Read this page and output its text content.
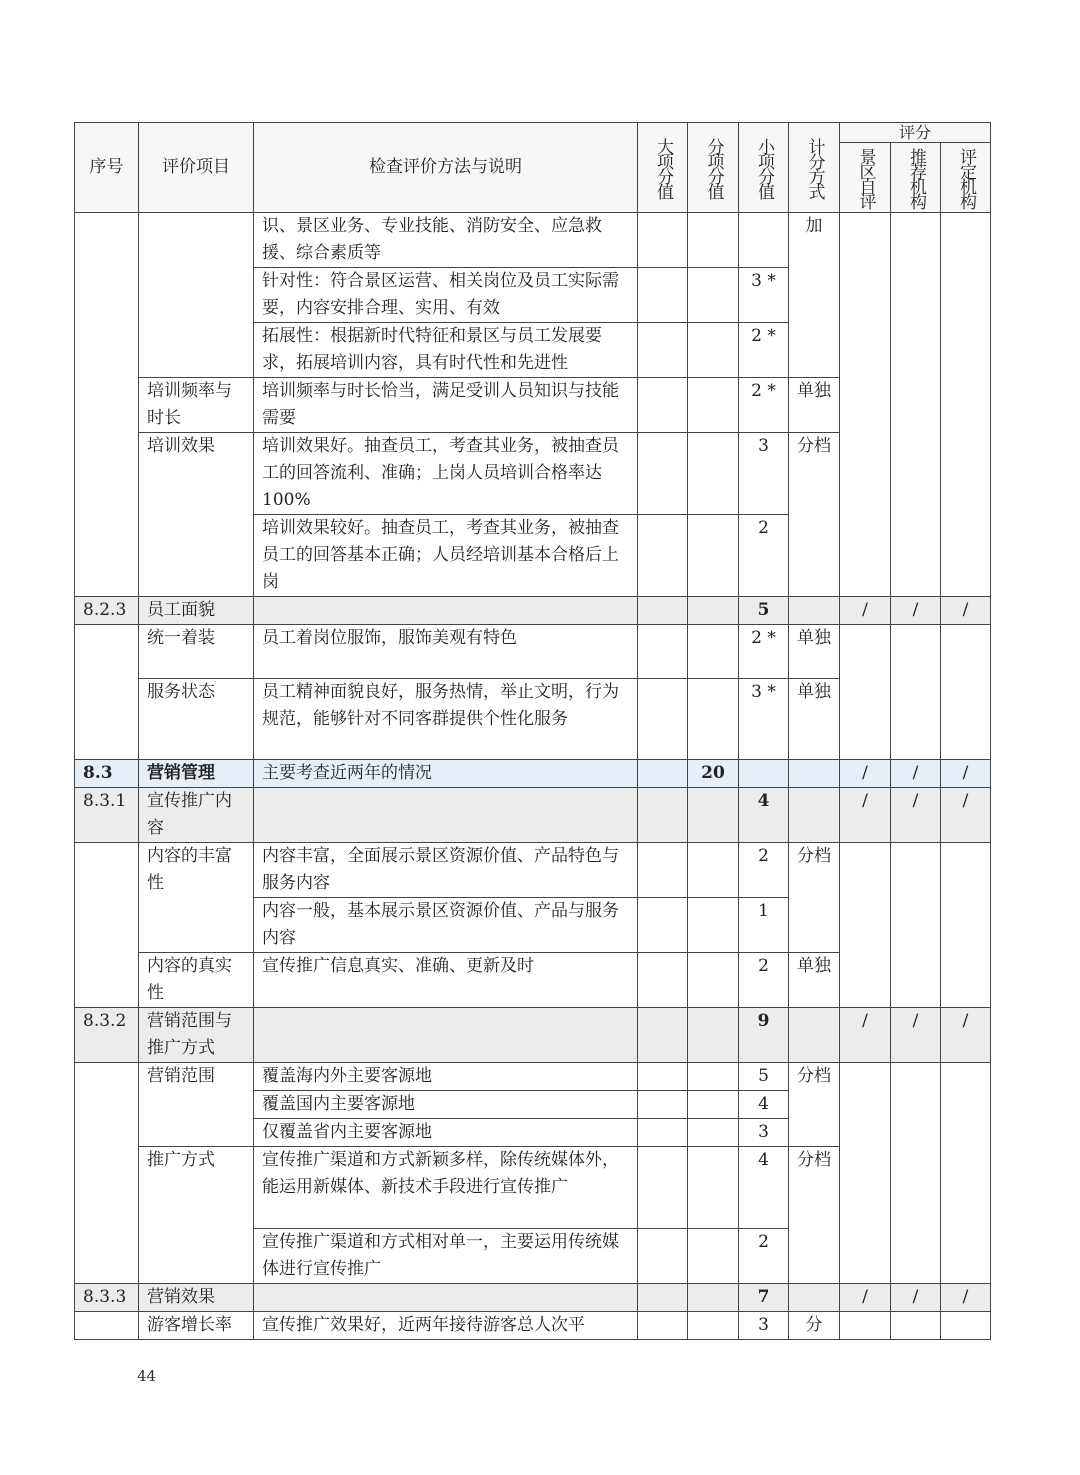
序号	评价项目	检查评价方法与说明	大项分值	分项分值	小项分值	计分方式	评分		

							景区自评	推荐机构	评定机构

		识、景区业务、专业技能、消防安全、应急救援、综合素质等				加			
		针对性：符合景区运营、相关岗位及员工实际需要，内容安排合理、实用、有效			3 *				
		拓展性：根据新时代特征和景区与员工发展要求，拓展培训内容，具有时代性和先进性			2 *				
	培训频率与时长	培训频率与时长恰当，满足受训人员知识与技能需要			2 *	单独			
	培训效果	培训效果好。抽查员工，考查其业务，被抽查员工的回答流利、准确；上岗人员培训合格率达 100%			3	分档			
		培训效果较好。抽查员工，考查其业务，被抽查员工的回答基本正确；人员经培训基本合格后上岗			2				
8.2.3	员工面貌				5		/	/	/
	统一着装	员工着岗位服饰，服饰美观有特色			2 *	单独			
	服务状态	员工精神面貌良好，服务热情，举止文明，行为规范，能够针对不同客群提供个性化服务			3 *	单独			
8.3	营销管理	主要考查近两年的情况		20			/	/	/
8.3.1	宣传推广内容				4		/	/	/
	内容的丰富性	内容丰富，全面展示景区资源价值、产品特色与服务内容			2	分档			
		内容一般，基本展示景区资源价值、产品与服务内容			1				
	内容的真实性	宣传推广信息真实、准确、更新及时			2	单独			
8.3.2	营销范围与推广方式				9		/	/	/
	营销范围	覆盖海内外主要客源地			5	分档			
		覆盖国内主要客源地			4				
		仅覆盖省内主要客源地			3				
	推广方式	宣传推广渠道和方式新颖多样，除传统媒体外，能运用新媒体、新技术手段进行宣传推广			4	分档			
		宣传推广渠道和方式相对单一，主要运用传统媒体进行宣传推广			2				
8.3.3	营销效果				7		/	/	/
	游客增长率	宣传推广效果好，近两年接待游客总人次平			3	分			
44
